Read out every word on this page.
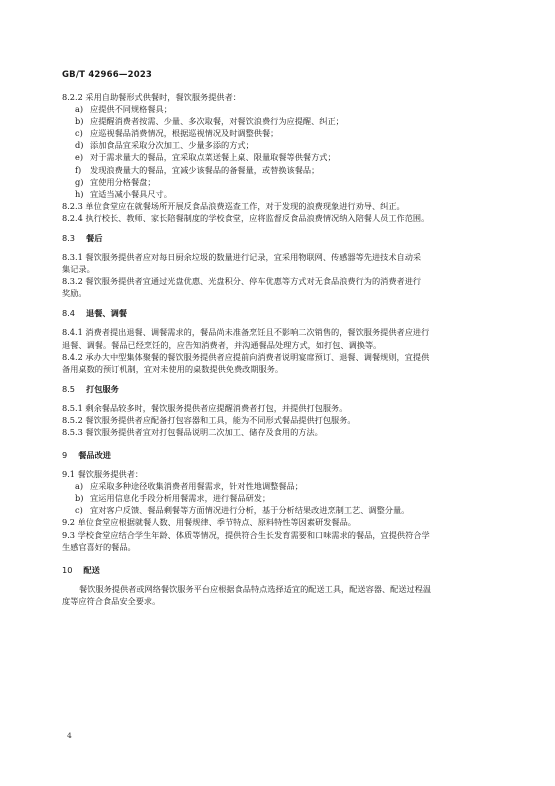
GB/T 42966—2023
8.2.2 采用自助餐形式供餐时，餐饮服务提供者：
a) 应提供不同规格餐具；
b) 应提醒消费者按需、少量、多次取餐，对餐饮浪费行为应提醒、纠正；
c) 应巡视餐品消费情况，根据巡视情况及时调整供餐；
d) 添加食品宜采取分次加工、少量多添的方式；
e) 对于需求量大的餐品，宜采取点菜送餐上桌、限量取餐等供餐方式；
f) 发现浪费量大的餐品，宜减少该餐品的备餐量，或替换该餐品；
g) 宜使用分格餐盘；
h) 宜适当减小餐具尺寸。
8.2.3 单位食堂应在就餐场所开展反食品浪费巡查工作，对于发现的浪费现象进行劝导、纠正。
8.2.4 执行校长、教师、家长陪餐制度的学校食堂，应将监督反食品浪费情况纳入陪餐人员工作范围。
8.3 餐后
8.3.1 餐饮服务提供者应对每日厨余垃圾的数量进行记录，宜采用物联网、传感器等先进技术自动采
集记录。
8.3.2 餐饮服务提供者宜通过光盘优惠、光盘积分、停车优惠等方式对无食品浪费行为的消费者进行
奖励。
8.4 退餐、调餐
8.4.1 消费者提出退餐、调餐需求的，餐品尚未准备烹饪且不影响二次销售的，餐饮服务提供者应进行
退餐、调餐。餐品已经烹饪的，应告知消费者，并沟通餐品处理方式，如打包、调换等。
8.4.2 承办大中型集体聚餐的餐饮服务提供者应提前向消费者说明宴席预订、退餐、调餐规则，宜提供
备用桌数的预订机制，宜对未使用的桌数提供免费改期服务。
8.5 打包服务
8.5.1 剩余餐品较多时，餐饮服务提供者应提醒消费者打包，并提供打包服务。
8.5.2 餐饮服务提供者应配备打包容器和工具，能为不同形式餐品提供打包服务。
8.5.3 餐饮服务提供者宜对打包餐品说明二次加工、储存及食用的方法。
9 餐品改进
9.1 餐饮服务提供者：
a) 应采取多种途径收集消费者用餐需求，针对性地调整餐品；
b) 宜运用信息化手段分析用餐需求，进行餐品研发；
c) 宜对客户反馈、餐品剩餐等方面情况进行分析，基于分析结果改进烹制工艺、调整分量。
9.2 单位食堂应根据就餐人数、用餐规律、季节特点、原料特性等因素研发餐品。
9.3 学校食堂应结合学生年龄、体质等情况，提供符合生长发育需要和口味需求的餐品，宜提供符合学
生感官喜好的餐品。
10 配送
餐饮服务提供者或网络餐饮服务平台应根据食品特点选择适宜的配送工具，配送容器、配送过程温
度等应符合食品安全要求。
4
